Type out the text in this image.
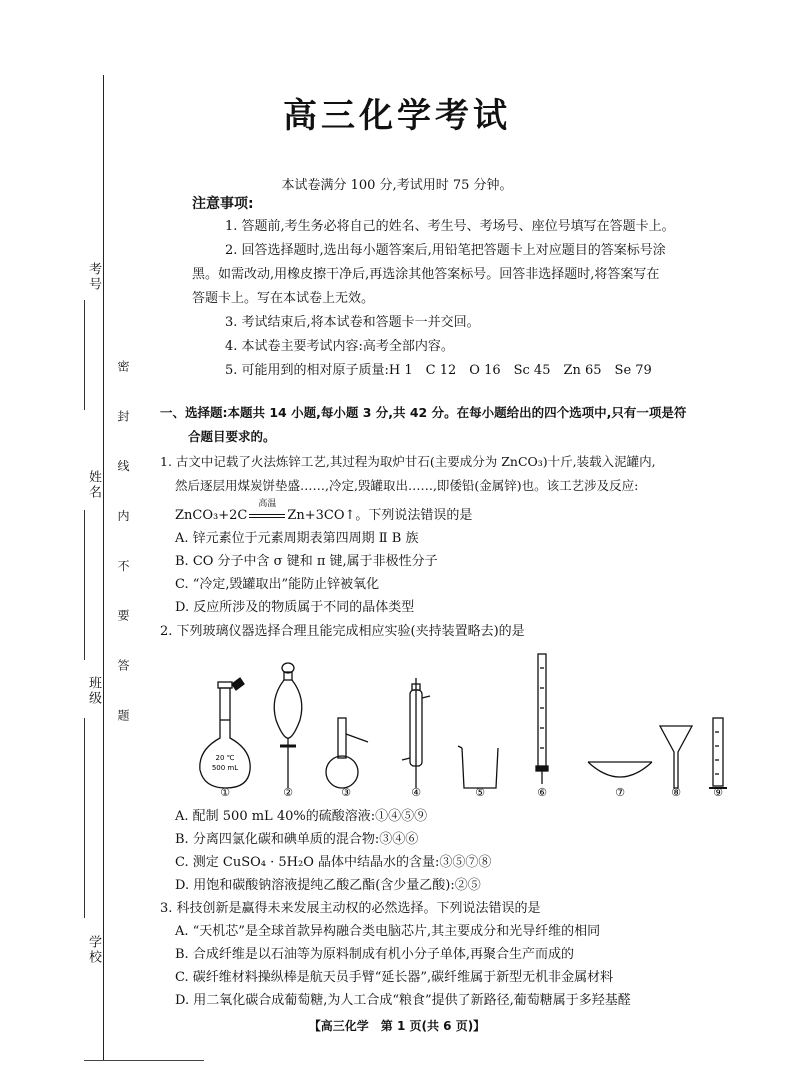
考号
姓名
班级
学校
密 封 线 内 不 要 答 题
高三化学考试
本试卷满分 100 分,考试用时 75 分钟。
注意事项:
1. 答题前,考生务必将自己的姓名、考生号、考场号、座位号填写在答题卡上。
2. 回答选择题时,选出每小题答案后,用铅笔把答题卡上对应题目的答案标号涂
黑。如需改动,用橡皮擦干净后,再选涂其他答案标号。回答非选择题时,将答案写在
答题卡上。写在本试卷上无效。
3. 考试结束后,将本试卷和答题卡一并交回。
4. 本试卷主要考试内容:高考全部内容。
5. 可能用到的相对原子质量:H 1　C 12　O 16　Sc 45　Zn 65　Se 79
一、选择题:本题共 14 小题,每小题 3 分,共 42 分。在每小题给出的四个选项中,只有一项是符
合题目要求的。
1. 古文中记载了火法炼锌工艺,其过程为取炉甘石(主要成分为 ZnCO₃)十斤,装载入泥罐内,
然后逐层用煤炭饼垫盛……,冷定,毁罐取出……,即倭铅(金属锌)也。该工艺涉及反应:
ZnCO₃+2C
高温
Zn+3CO↑。下列说法错误的是
A. 锌元素位于元素周期表第四周期 Ⅱ B 族
B. CO 分子中含 σ 键和 π 键,属于非极性分子
C. “冷定,毁罐取出”能防止锌被氧化
D. 反应所涉及的物质属于不同的晶体类型
2. 下列玻璃仪器选择合理且能完成相应实验(夹持装置略去)的是
20 ℃
500 mL
①	②	③	④	⑤	⑥	⑦	⑧	⑨
A. 配制 500 mL 40%的硫酸溶液:①④⑤⑨
B. 分离四氯化碳和碘单质的混合物:③④⑥
C. 测定 CuSO₄ · 5H₂O 晶体中结晶水的含量:③⑤⑦⑧
D. 用饱和碳酸钠溶液提纯乙酸乙酯(含少量乙酸):②⑤
3. 科技创新是赢得未来发展主动权的必然选择。下列说法错误的是
A. “天机芯”是全球首款异构融合类电脑芯片,其主要成分和光导纤维的相同
B. 合成纤维是以石油等为原料制成有机小分子单体,再聚合生产而成的
C. 碳纤维材料操纵棒是航天员手臂“延长器”,碳纤维属于新型无机非金属材料
D. 用二氧化碳合成葡萄糖,为人工合成“粮食”提供了新路径,葡萄糖属于多羟基醛
【高三化学　第 1 页(共 6 页)】
